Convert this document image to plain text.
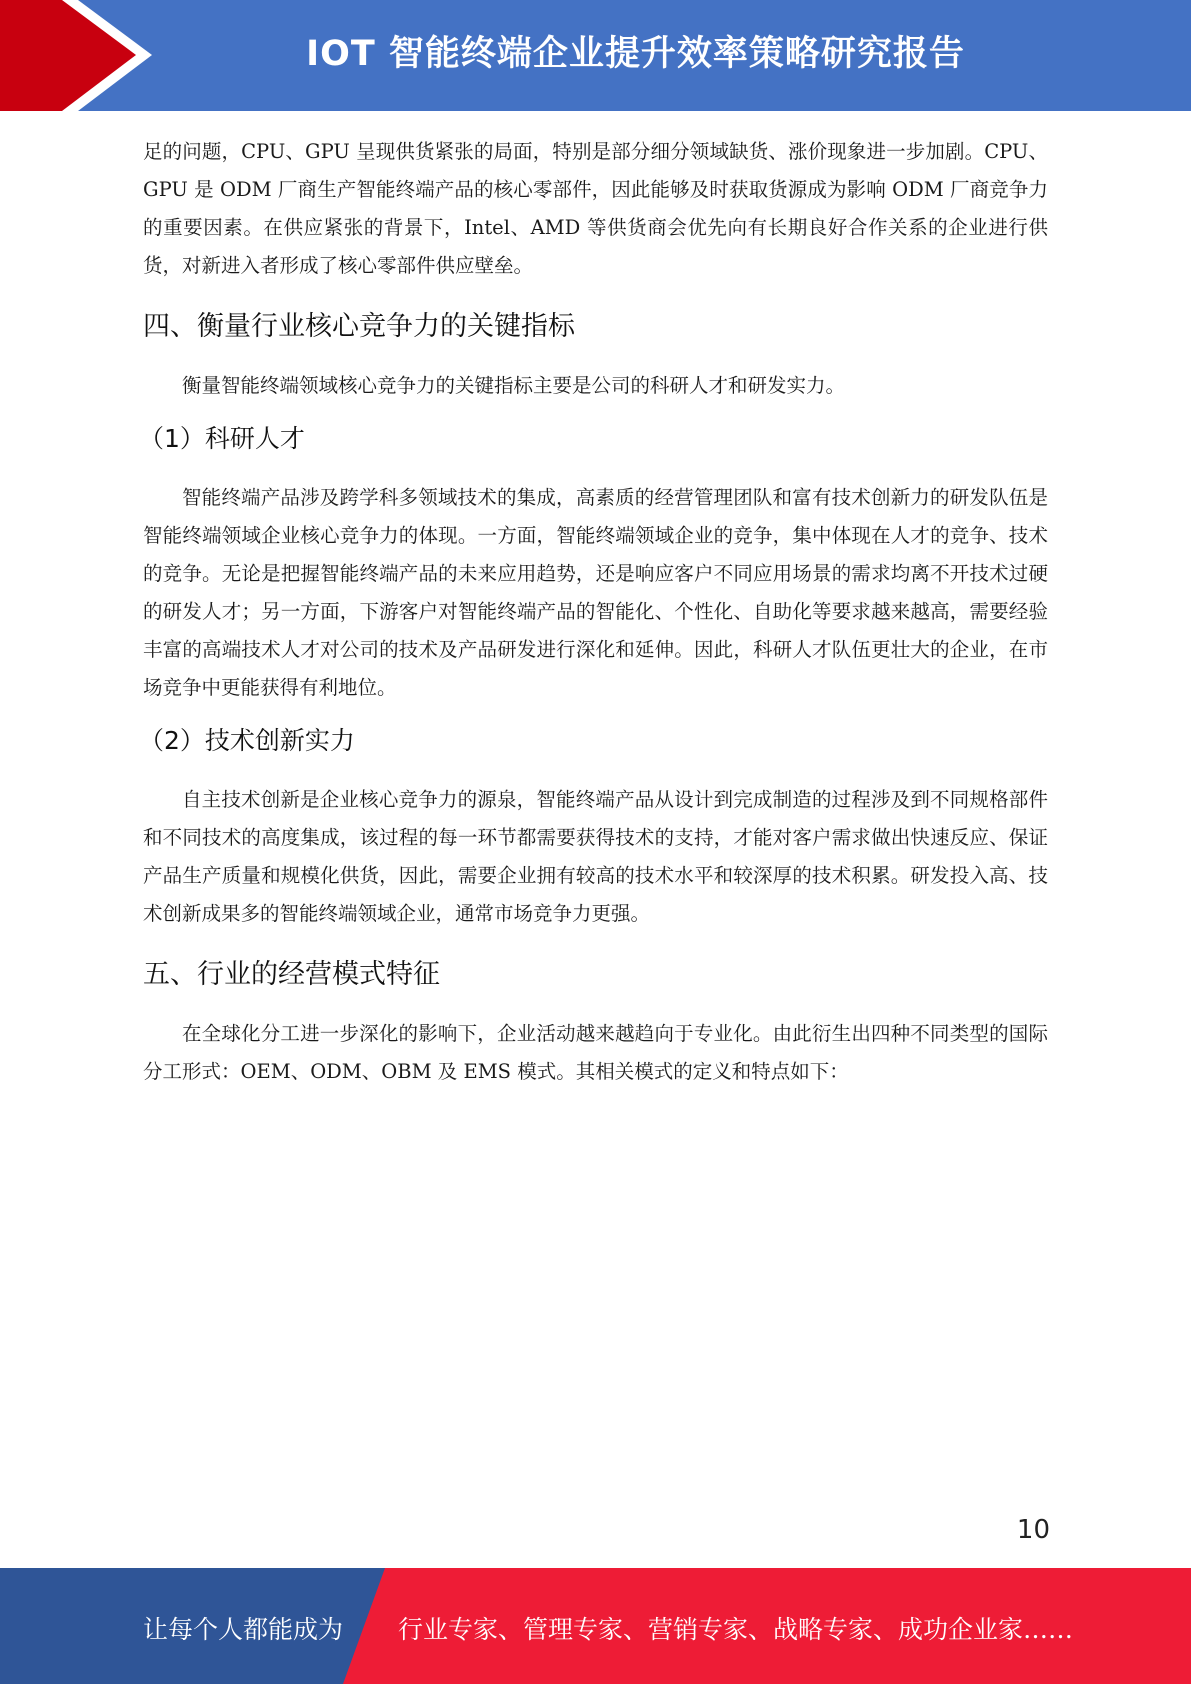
IOT 智能终端企业提升效率策略研究报告

足的问题，CPU、GPU 呈现供货紧张的局面，特别是部分细分领域缺货、涨价现象进一步加剧。CPU、GPU 是 ODM 厂商生产智能终端产品的核心零部件，因此能够及时获取货源成为影响 ODM 厂商竞争力的重要因素。在供应紧张的背景下，Intel、AMD 等供货商会优先向有长期良好合作关系的企业进行供货，对新进入者形成了核心零部件供应壁垒。

四、衡量行业核心竞争力的关键指标

衡量智能终端领域核心竞争力的关键指标主要是公司的科研人才和研发实力。

（1）科研人才

智能终端产品涉及跨学科多领域技术的集成，高素质的经营管理团队和富有技术创新力的研发队伍是智能终端领域企业核心竞争力的体现。一方面，智能终端领域企业的竞争，集中体现在人才的竞争、技术的竞争。无论是把握智能终端产品的未来应用趋势，还是响应客户不同应用场景的需求均离不开技术过硬的研发人才；另一方面，下游客户对智能终端产品的智能化、个性化、自助化等要求越来越高，需要经验丰富的高端技术人才对公司的技术及产品研发进行深化和延伸。因此，科研人才队伍更壮大的企业，在市场竞争中更能获得有利地位。

（2）技术创新实力

自主技术创新是企业核心竞争力的源泉，智能终端产品从设计到完成制造的过程涉及到不同规格部件和不同技术的高度集成，该过程的每一环节都需要获得技术的支持，才能对客户需求做出快速反应、保证产品生产质量和规模化供货，因此，需要企业拥有较高的技术水平和较深厚的技术积累。研发投入高、技术创新成果多的智能终端领域企业，通常市场竞争力更强。

五、行业的经营模式特征

在全球化分工进一步深化的影响下，企业活动越来越趋向于专业化。由此衍生出四种不同类型的国际分工形式：OEM、ODM、OBM 及 EMS 模式。其相关模式的定义和特点如下：

10
让每个人都能成为 行业专家、管理专家、营销专家、战略专家、成功企业家……
